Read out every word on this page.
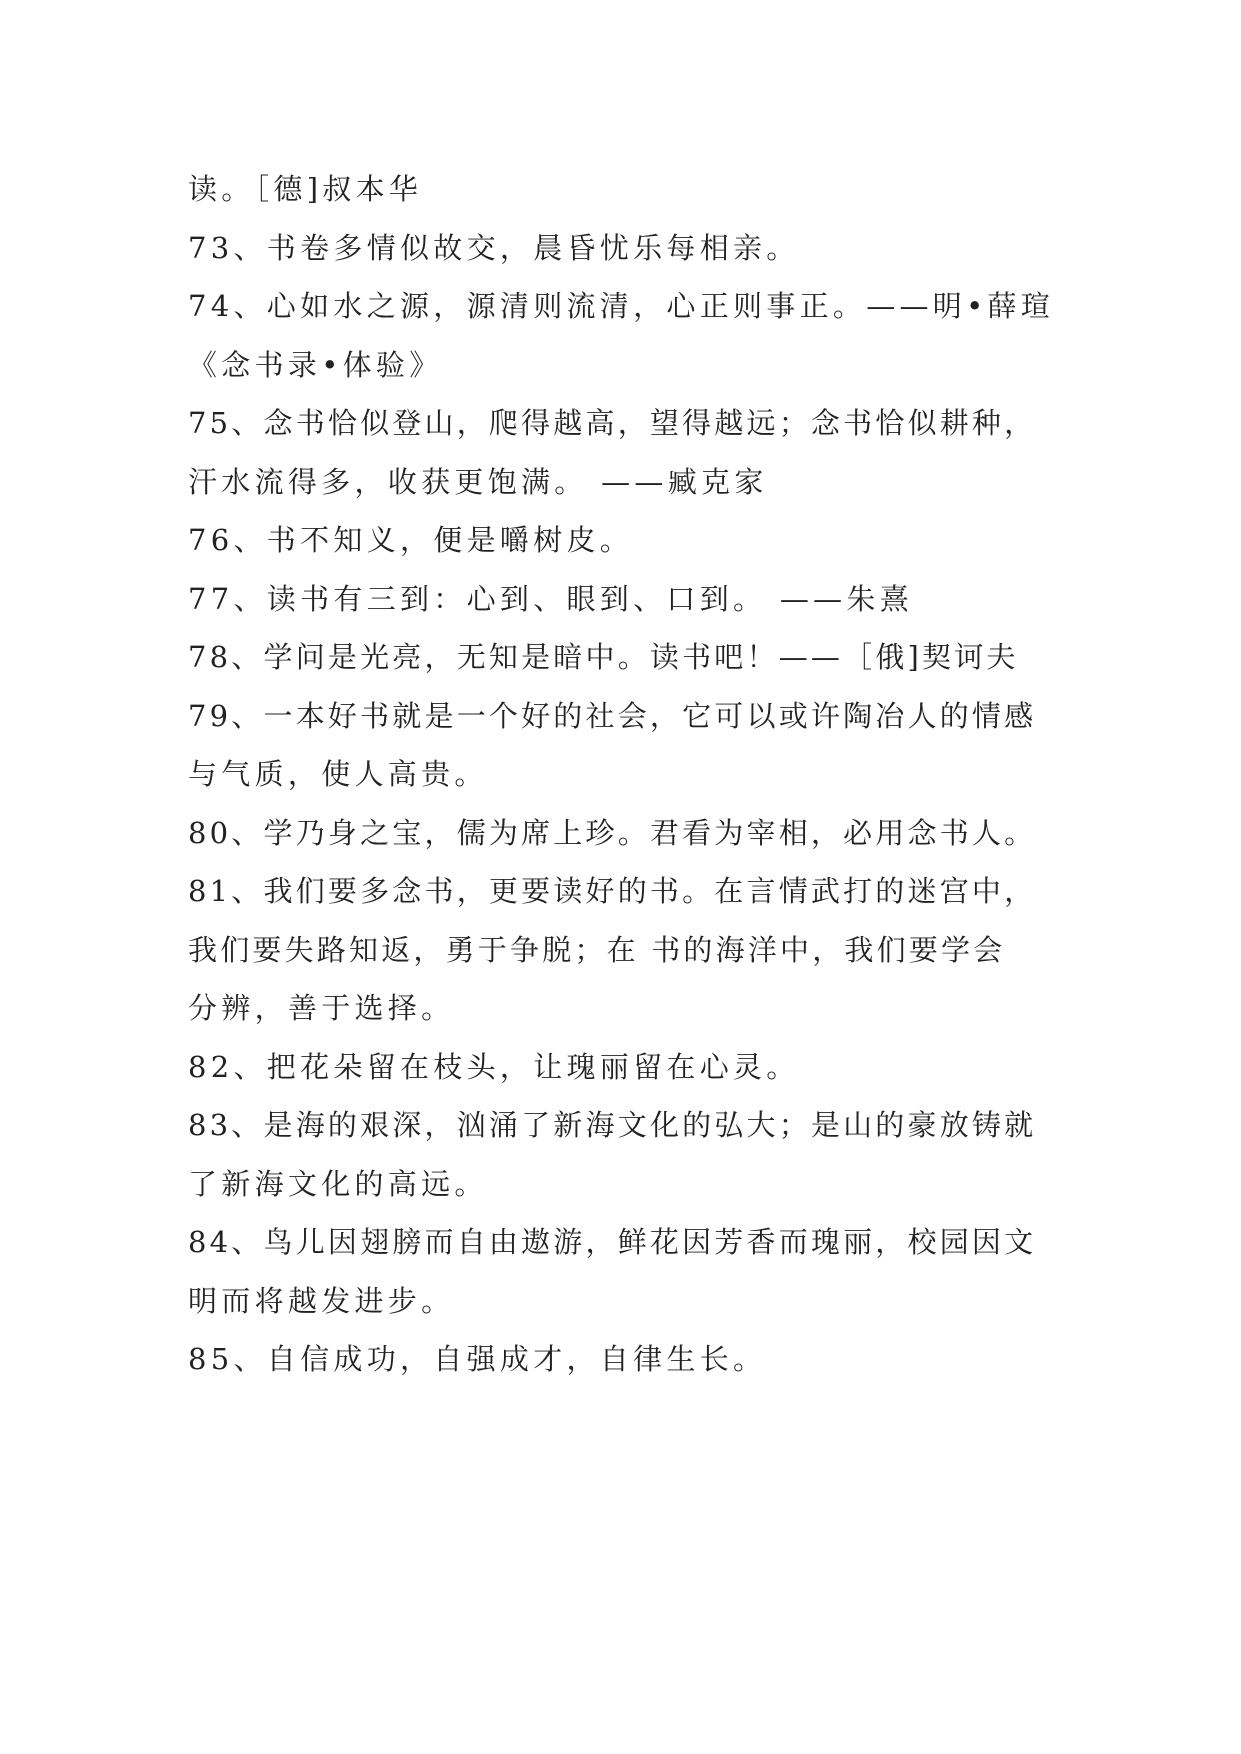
读。［德]叔本华
73、书卷多情似故交，晨昏忧乐每相亲。
74、心如水之源，源清则流清，心正则事正。——明•薛瑄
《念书录•体验》
75、念书恰似登山，爬得越高，望得越远；念书恰似耕种，
汗水流得多，收获更饱满。 ——臧克家
76、书不知义，便是嚼树皮。
77、读书有三到：心到、眼到、口到。 ——朱熹
78、学问是光亮，无知是暗中。读书吧！——［俄]契诃夫
79、一本好书就是一个好的社会，它可以或许陶冶人的情感
与气质，使人高贵。
80、学乃身之宝，儒为席上珍。君看为宰相，必用念书人。
81、我们要多念书，更要读好的书。在言情武打的迷宫中，
我们要失路知返，勇于争脱；在 书的海洋中，我们要学会
分辨，善于选择。
82、把花朵留在枝头，让瑰丽留在心灵。
83、是海的艰深，汹涌了新海文化的弘大；是山的豪放铸就
了新海文化的高远。
84、鸟儿因翅膀而自由遨游，鲜花因芳香而瑰丽，校园因文
明而将越发进步。
85、自信成功，自强成才，自律生长。
